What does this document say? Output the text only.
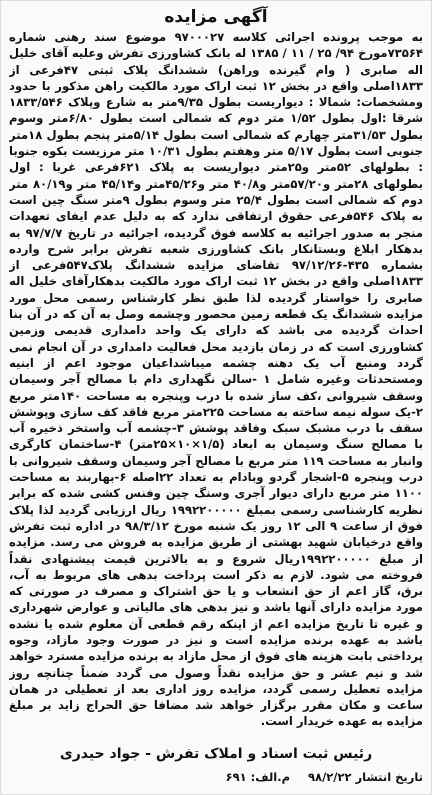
آگهی مزایده

به موجب پرونده اجرائی کلاسه ۹۷۰۰۰۲۷ موضوع سند رهنی شماره ۷۳۵۶۴مورخ ۹۴/ ۲۵ / ۱۱ / ۱۳۸۵ له بانک کشاورزی تفرش وعلیه آقای خلیل اله صابری ( وام گیرنده وراهن) ششدانگ پلاک ثبتی ۴۷فرعی از ۱۸۳۳اصلی واقع در بخش ۱۲ ثبت اراک مورد مالکیت راهن مذکور با حدود ومشخصات: شمالا : دیواریست بطول ۹/۳۵متر به شارع وپلاک ۱۸۳۳/۵۴۶ شرقا :اول بطول ۱/۵۲ متر دوم که شمالی است بطول ۶/۸۰متر وسوم بطول ۳۱/۵۳متر چهارم که شمالی است بطول ۵/۱۴متر پنجم بطول ۱۸متر جنوبی است بطول ۵/۱۷ متر وهفتم بطول ۱۰/۳۱ متر مرزیست بکوه جنوبا : بطولهای ۵۲متر و۲۵متر دیواریست به پلاک ۶۲۱فرعی غربا : اول بطولهای ۲۸متر و۵۷/۲۰متر و۴۰/۸ متر و۴۵/۲۶متر و۴۵/۱۴ متر و۸۰/۱۹ متر دوم که شمالی است بطول ۲۵/۴ متر وسوم بطول ۹متر سنگ چین است به پلاک ۵۴۶فرعی حقوق ارتفاقی ندارد که به دلیل عدم ایفای تعهدات منجر به صدور اجرائیه به کلاسه فوق گردیده، اجرائیه در تاریخ ۹۷/۷/۷ به بدهکار ابلاغ وبستانکار بانک کشاورزی شعبه تفرش برابر شرح وارده بشماره ۴۳۵-۹۷/۱۲/۲۶ تقاضای مزایده ششدانگ پلاک۵۴۷فرعی از ۱۸۳۳اصلی واقع در بخش ۱۲ ثبت اراک مورد مالکیت بدهکارآقای خلیل اله صابری را خواستار گردیده لذا طبق نظر کارشناس رسمی محل مورد مزایده ششدانگ یک قطعه زمین محصور وچشمه وصل به آن که در آن بنا احداث گردیده می باشد که دارای یک واحد دامداری قدیمی وزمین کشاورزی است که در زمان بازدید محل فعالیت دامداری در آن انجام نمی گردد ومنبع آب یک دهنه چشمه میباشداعیان موجود اعم از ابنیه ومستحدثات وغیره شامل ۱ -سالن نگهداری دام با مصالح آجر وسیمان وسقف شیروانی ،کف ساز شده با درب وپنجره به مساحت ۱۴۰متر مربع ۲-یک سوله نیمه ساخته به مساحت ۲۲۵متر مربع فاقد کف سازی وپوشش سقف با درب مشبک سبک وفاقد پوشش ۳-چشمه آب واستخر ذخیره آب با مصالح سنگ وسیمان به ابعاد (۱/۵×۱۰×۲۵متر) ۴-ساختمان کارگری وانبار به مساحت ۱۱۹ متر مربع با مصالح آجر وسیمان وسقف شیروانی با درب وپنجره ۵-اشجار گردو وبادام به تعداد ۲۲اصله ۶-بهاربند به مساحت ۱۱۰۰ متر مربع دارای دیوار آجری وسنگ چین وفنس کشی شده که برابر نظریه کارشناسی رسمی بمبلغ ۱۹۹۲۲۰۰۰۰۰ ریال ارزیابی گردید لذا پلاک فوق از ساعت ۹ الی ۱۲ روز یک شنبه مورخ ۹۸/۳/۱۲ در اداره ثبت تفرش واقع درخیابان شهید بهشتی از طریق مزایده به فروش می رسد. مزایده از مبلغ ۱۹۹۲۲۰۰۰۰۰ریال شروع و به بالاترین قیمت پیشنهادی نقداً فروخته می شود. لازم به ذکر است پرداخت بدهی های مربوط به آب، برق، گاز اعم از حق انشعاب و یا حق اشتراک و مصرف در صورتی که مورد مزایده دارای آنها باشد و نیز بدهی های مالیاتی و عوارض شهرداری و غیره تا تاریخ مزایده اعم از اینکه رقم قطعی آن معلوم شده یا نشده باشد به عهده برنده مزایده است و نیز در صورت وجود مازاد، وجوه پرداختی بابت هزینه های فوق از محل مازاد به برنده مزایده مسترد خواهد شد و نیم عشر و حق مزایده نقداً وصول می گردد ضمناً چنانچه روز مزایده تعطیل رسمی گردد، مزایده روز اداری بعد از تعطیلی در همان ساعت و مکان مقرر برگزار خواهد شد مضافا حق الحراج زاید بر مبلغ مزایده به عهده خریدار است.

رئیس ثبت اسناد و املاک تفرش - جواد حیدری
تاریخ انتشار ۹۸/۲/۲۲
م.الف: ۶۹۱
